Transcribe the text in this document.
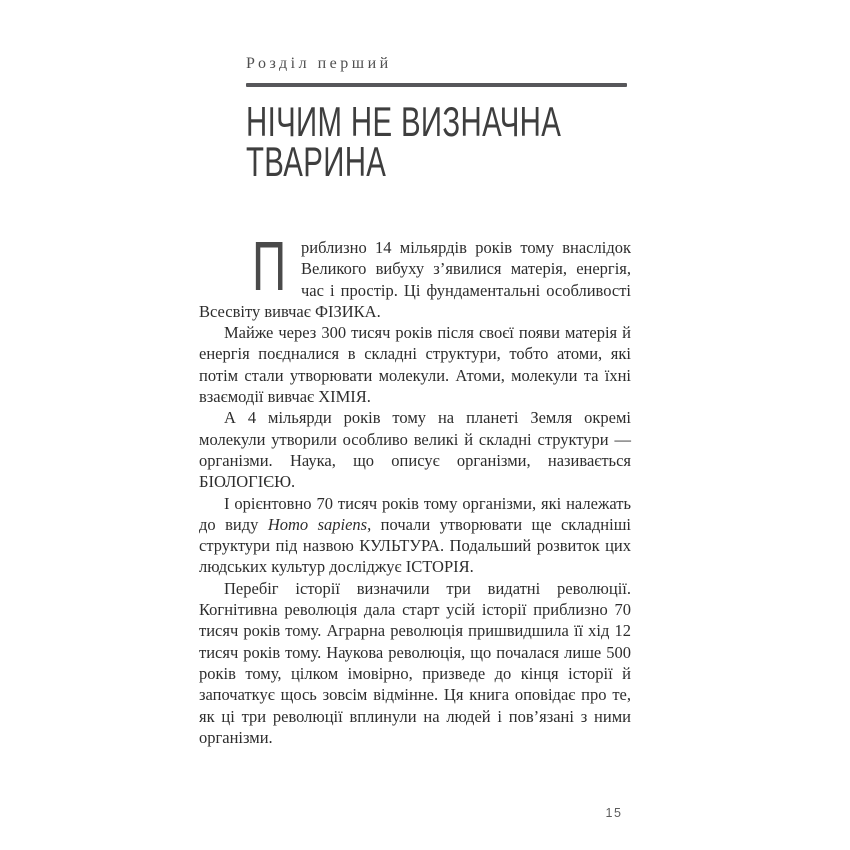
Розділ перший
НІЧИМ НЕ ВИЗНАЧНА
ТВАРИНА

Приблизно 14 мільярдів років тому внаслідок Великого вибуху з’явилися матерія, енергія, час і простір. Ці фундаментальні особливості Всесвіту вивчає ФІЗИКА.

Майже через 300 тисяч років після своєї появи матерія й енергія поєдналися в складні структури, тобто атоми, які потім стали утворювати молекули. Атоми, молекули та їхні взаємодії вивчає ХІМІЯ.

А 4 мільярди років тому на планеті Земля окремі молекули утворили особливо великі й складні структури — організми. Наука, що описує організми, називається БІОЛОГІЄЮ.

І орієнтовно 70 тисяч років тому організми, які належать до виду Homo sapiens, почали утворювати ще складніші структури під назвою КУЛЬТУРА. Подальший розвиток цих людських культур досліджує ІСТОРІЯ.

Перебіг історії визначили три видатні революції. Когнітивна революція дала старт усій історії приблизно 70 тисяч років тому. Аграрна революція пришвидшила її хід 12 тисяч років тому. Наукова революція, що почалася лише 500 років тому, цілком імовірно, призведе до кінця історії й започаткує щось зовсім відмінне. Ця книга оповідає про те, як ці три революції вплинули на людей і пов’язані з ними організми.

15
